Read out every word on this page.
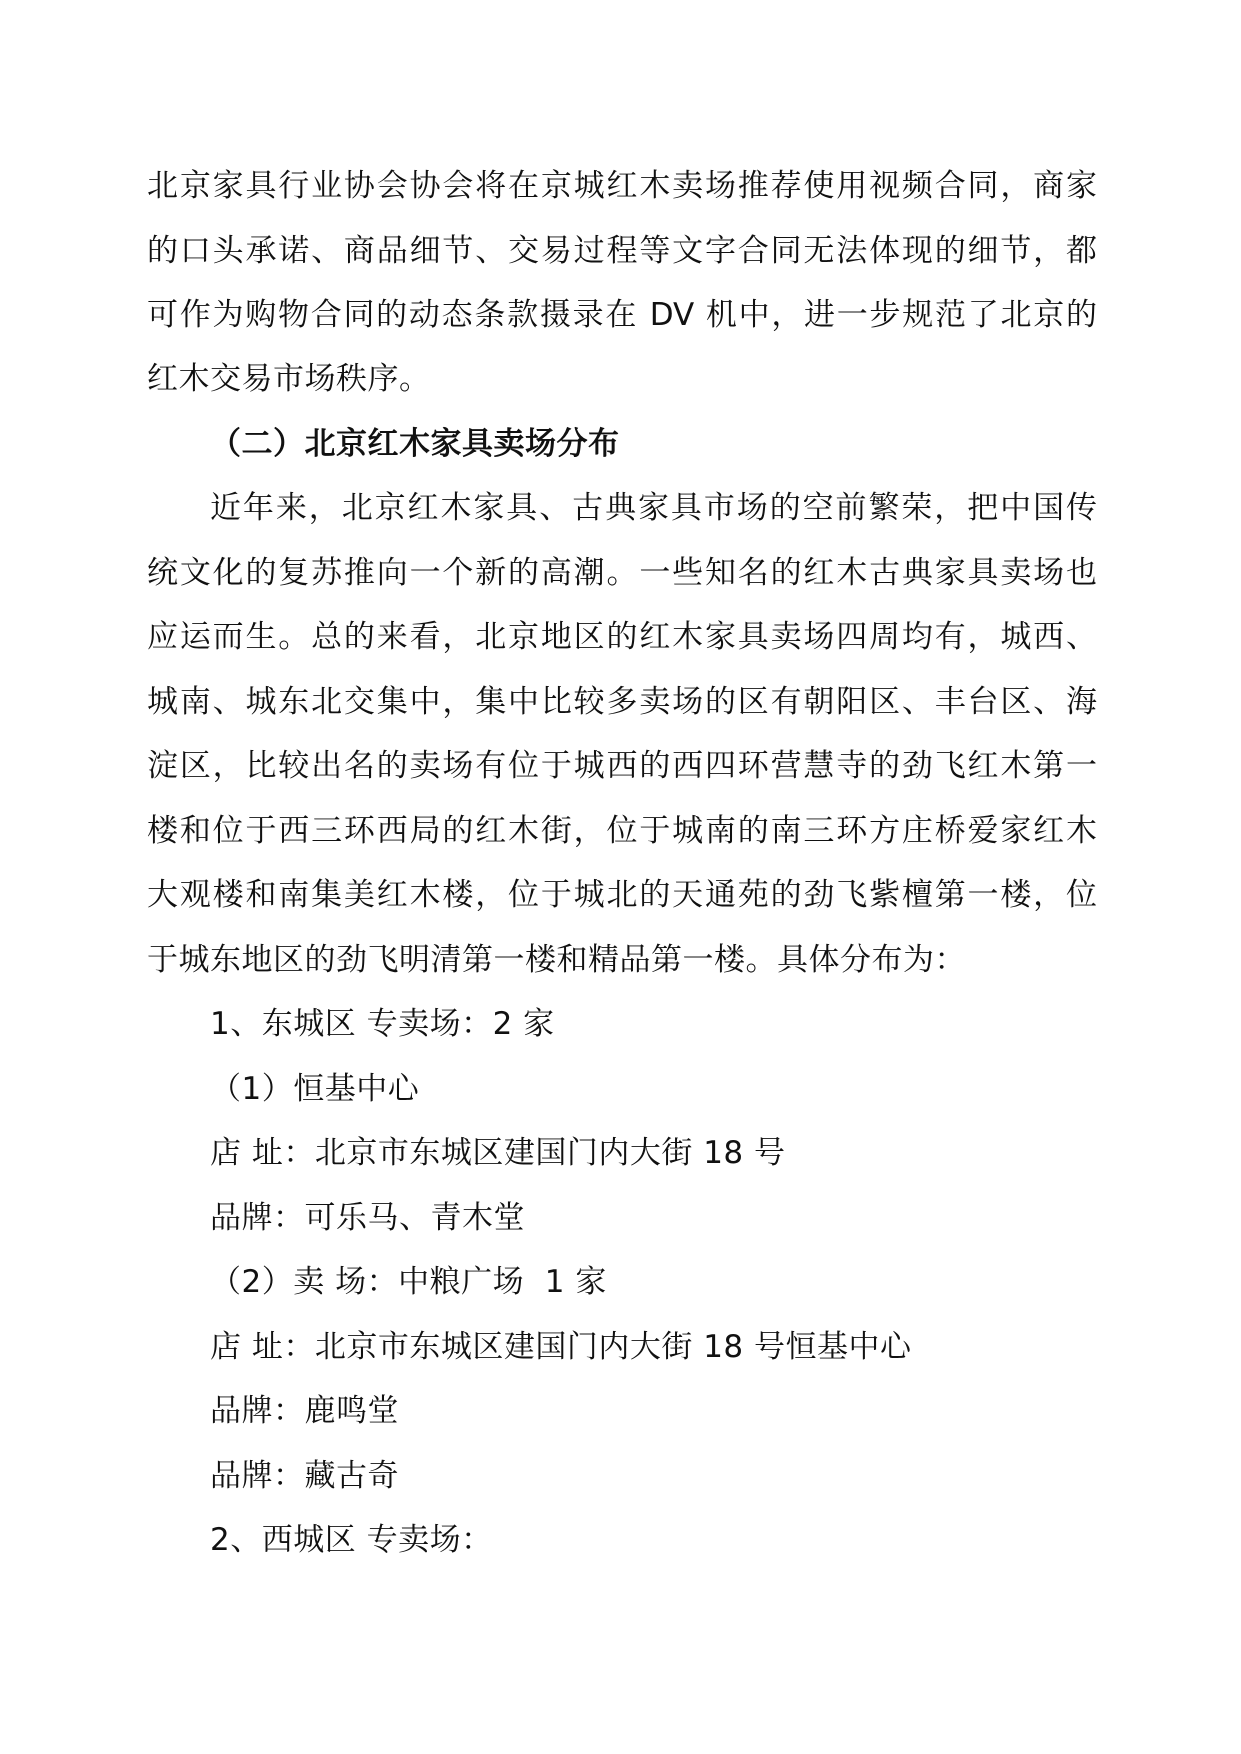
北京家具行业协会协会将在京城红木卖场推荐使用视频合同，商家
的口头承诺、商品细节、交易过程等文字合同无法体现的细节，都
可作为购物合同的动态条款摄录在 DV 机中，进一步规范了北京的
红木交易市场秩序。
（二）北京红木家具卖场分布
近年来，北京红木家具、古典家具市场的空前繁荣，把中国传
统文化的复苏推向一个新的高潮。一些知名的红木古典家具卖场也
应运而生。总的来看，北京地区的红木家具卖场四周均有，城西、
城南、城东北交集中，集中比较多卖场的区有朝阳区、丰台区、海
淀区，比较出名的卖场有位于城西的西四环营慧寺的劲飞红木第一
楼和位于西三环西局的红木街，位于城南的南三环方庄桥爱家红木
大观楼和南集美红木楼，位于城北的天通苑的劲飞紫檀第一楼，位
于城东地区的劲飞明清第一楼和精品第一楼。具体分布为：
1、东城区 专卖场：2 家
（1）恒基中心
店 址：北京市东城区建国门内大街 18 号
品牌：可乐马、青木堂
（2）卖 场：中粮广场  1 家
店 址：北京市东城区建国门内大街 18 号恒基中心
品牌：鹿鸣堂
品牌：藏古奇
2、西城区 专卖场：
